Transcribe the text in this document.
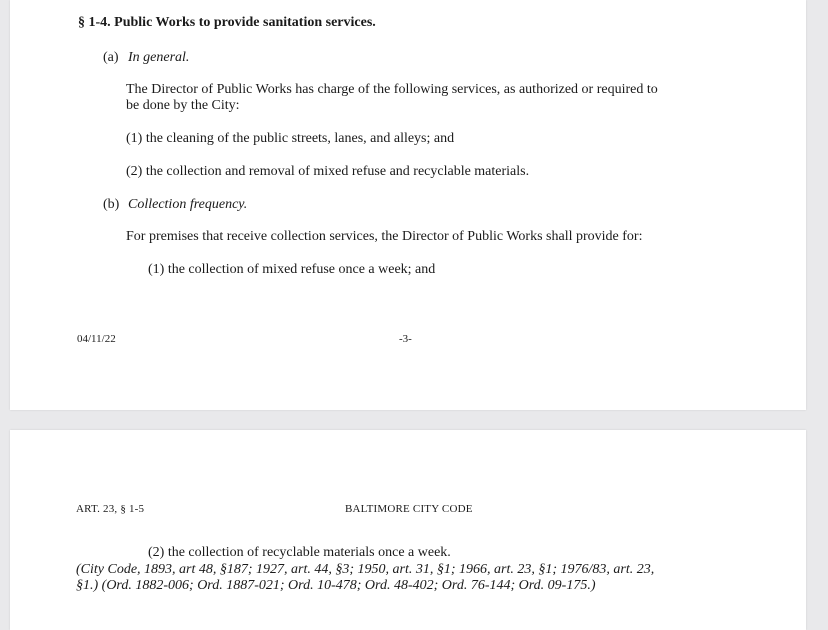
§ 1-4. Public Works to provide sanitation services.
(a) In general.
The Director of Public Works has charge of the following services, as authorized or required to
be done by the City:
(1) the cleaning of the public streets, lanes, and alleys; and
(2) the collection and removal of mixed refuse and recyclable materials.
(b) Collection frequency.
For premises that receive collection services, the Director of Public Works shall provide for:
(1) the collection of mixed refuse once a week; and
04/11/22	-3-
ART. 23, § 1-5	BALTIMORE CITY CODE
(2) the collection of recyclable materials once a week.
(City Code, 1893, art 48, §187; 1927, art. 44, §3; 1950, art. 31, §1; 1966, art. 23, §1; 1976/83, art. 23,
§1.) (Ord. 1882-006; Ord. 1887-021; Ord. 10-478; Ord. 48-402; Ord. 76-144; Ord. 09-175.)
